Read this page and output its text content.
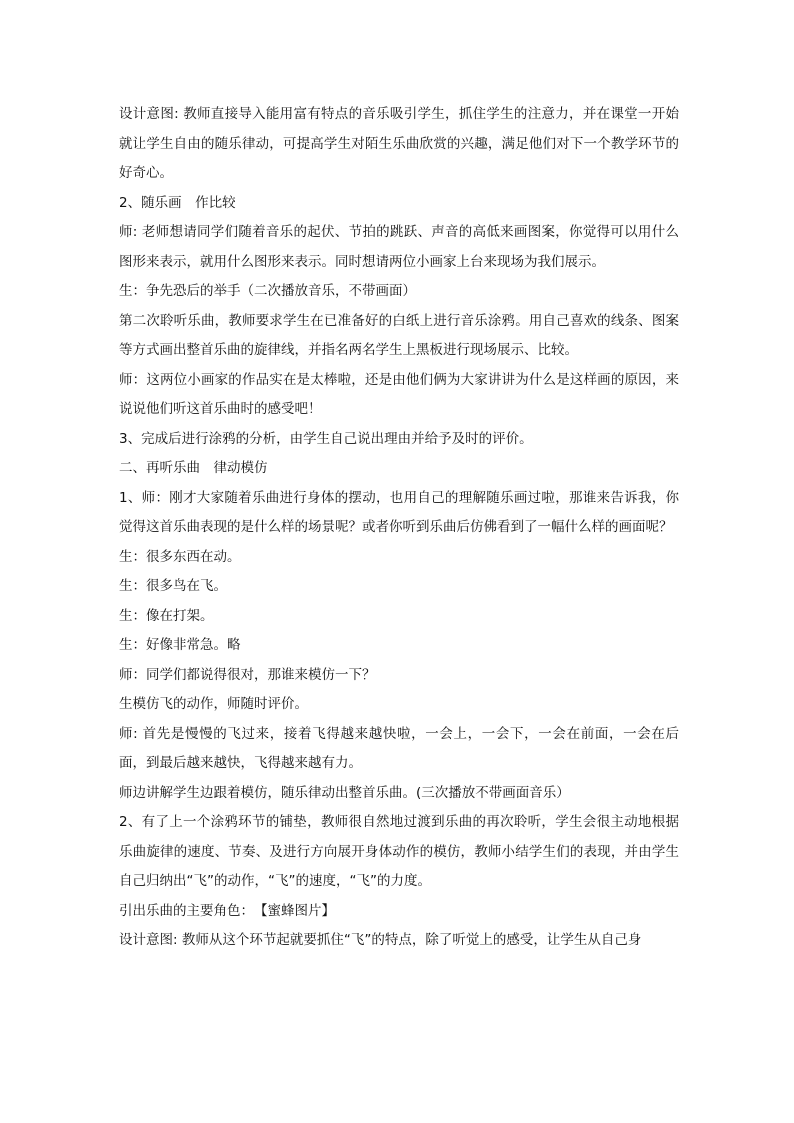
设计意图: 教师直接导入能用富有特点的音乐吸引学生，抓住学生的注意力，并在课堂一开始就让学生自由的随乐律动，可提高学生对陌生乐曲欣赏的兴趣，满足他们对下一个教学环节的好奇心。

2、随乐画　作比较

师: 老师想请同学们随着音乐的起伏、节拍的跳跃、声音的高低来画图案，你觉得可以用什么图形来表示，就用什么图形来表示。同时想请两位小画家上台来现场为我们展示。

生：争先恐后的举手（二次播放音乐，不带画面）

第二次聆听乐曲，教师要求学生在已准备好的白纸上进行音乐涂鸦。用自己喜欢的线条、图案等方式画出整首乐曲的旋律线，并指名两名学生上黑板进行现场展示、比较。

师：这两位小画家的作品实在是太棒啦，还是由他们俩为大家讲讲为什么是这样画的原因，来说说他们听这首乐曲时的感受吧！

3、完成后进行涂鸦的分析，由学生自己说出理由并给予及时的评价。

二、再听乐曲　律动模仿

1、师：刚才大家随着乐曲进行身体的摆动，也用自己的理解随乐画过啦，那谁来告诉我，你觉得这首乐曲表现的是什么样的场景呢？或者你听到乐曲后仿佛看到了一幅什么样的画面呢？

生：很多东西在动。

生：很多鸟在飞。

生：像在打架。

生：好像非常急。略

师：同学们都说得很对，那谁来模仿一下？

生模仿飞的动作，师随时评价。

师: 首先是慢慢的飞过来，接着飞得越来越快啦，一会上，一会下，一会在前面，一会在后面，到最后越来越快，飞得越来越有力。

师边讲解学生边跟着模仿，随乐律动出整首乐曲。(三次播放不带画面音乐）

2、有了上一个涂鸦环节的铺垫，教师很自然地过渡到乐曲的再次聆听，学生会很主动地根据乐曲旋律的速度、节奏、及进行方向展开身体动作的模仿，教师小结学生们的表现，并由学生自己归纳出“飞”的动作，“飞”的速度，“飞”的力度。

引出乐曲的主要角色：　【蜜蜂图片】

设计意图: 教师从这个环节起就要抓住“飞”的特点，除了听觉上的感受，让学生从自己身
